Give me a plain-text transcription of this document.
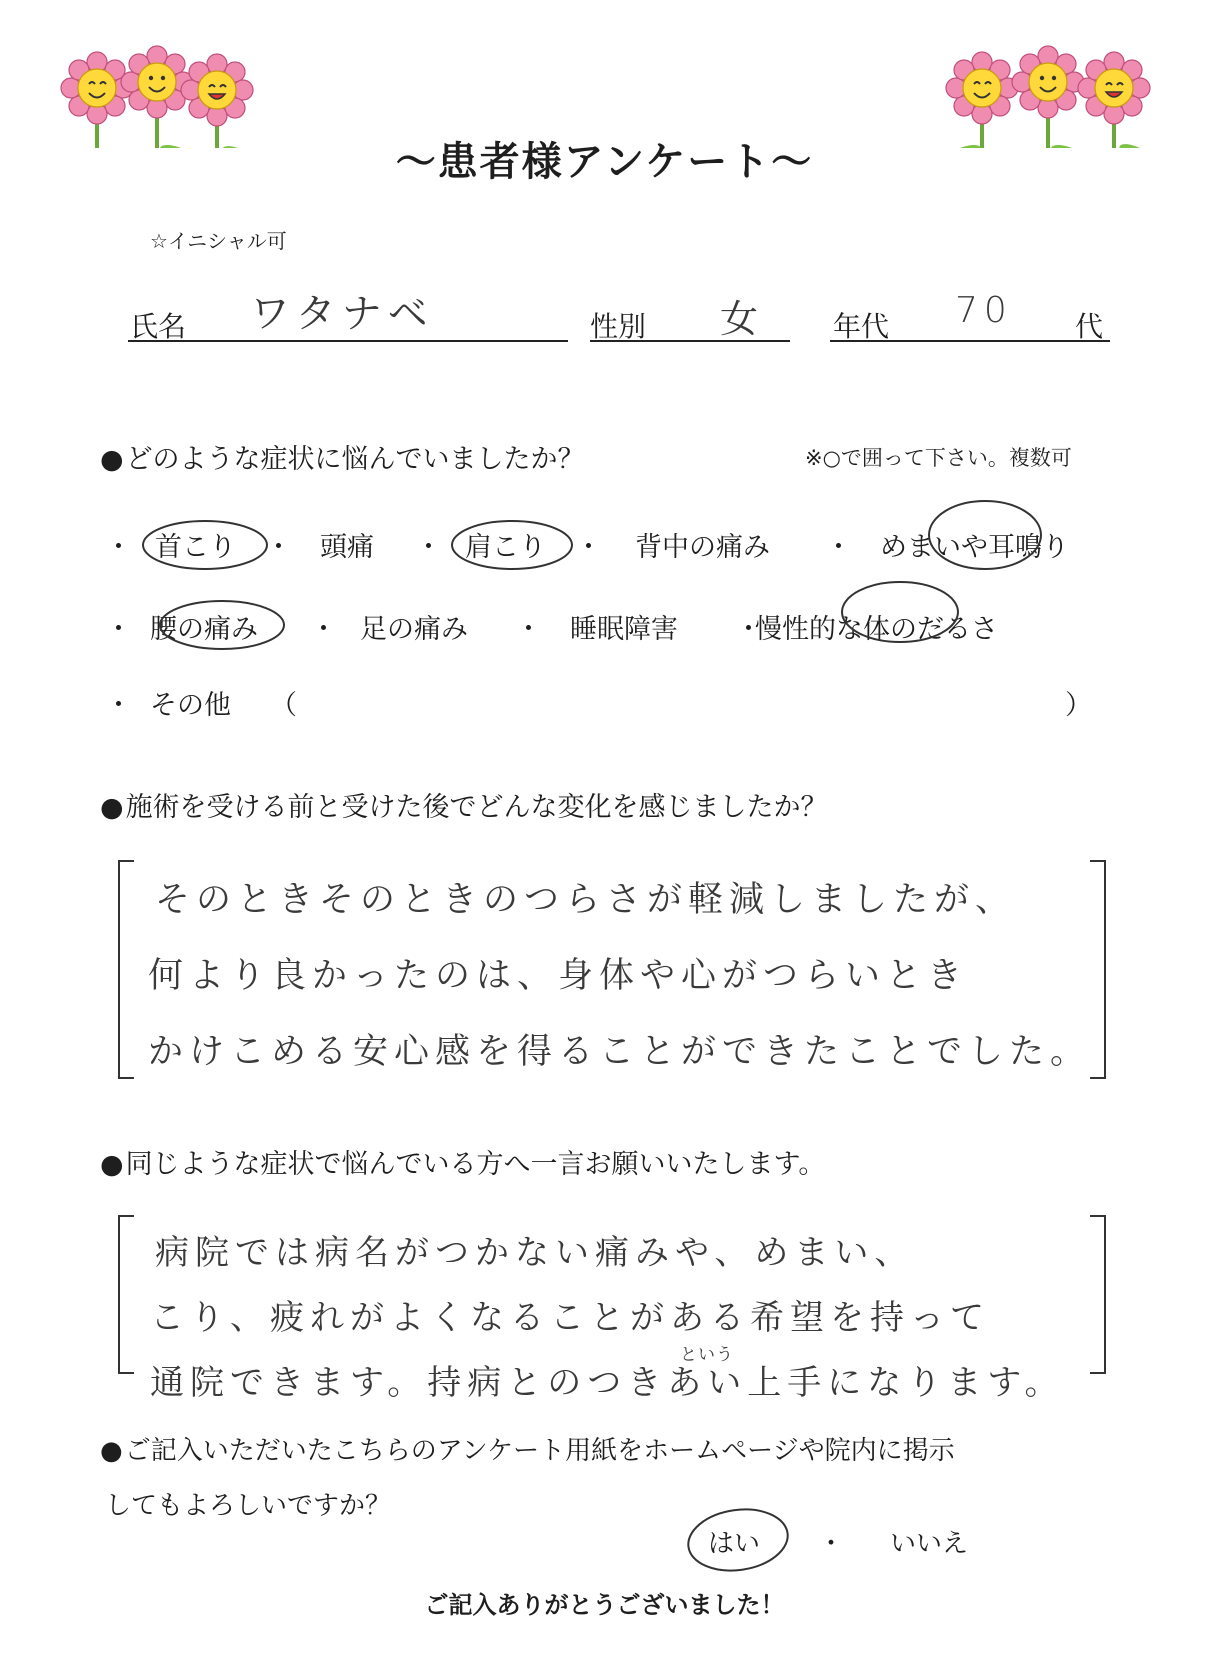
〜患者様アンケート〜
☆イニシャル可
氏名 ワタナベ	性別 女 年代 70 代
● どのような症状に悩んでいましたか？	※○で囲って下さい。複数可
・ 首こり ・ 頭痛 ・ 肩こり ・ 背中の痛み ・ めまいや耳鳴り
・ 腰の痛み ・ 足の痛み ・ 睡眠障害 ・
慢性的な体のだるさ
・ その他 （	）
● 施術を受ける前と受けた後でどんな変化を感じましたか？
そのときそのときのつらさが軽減しましたが、
何より良かったのは、身体や心がつらいとき
かけこめる安心感を得ることができたことでした。
● 同じような症状で悩んでいる方へ一言お願いいたします。
病院では病名がつかない痛みや、めまい、
こり、疲れがよくなることがある希望を持って
という
通院できます。持病とのつきあい上手になります。
● ご記入いただいたこちらのアンケート用紙をホームページや院内に掲示
してもよろしいですか？
はい ・ いいえ
ご記入ありがとうございました！
